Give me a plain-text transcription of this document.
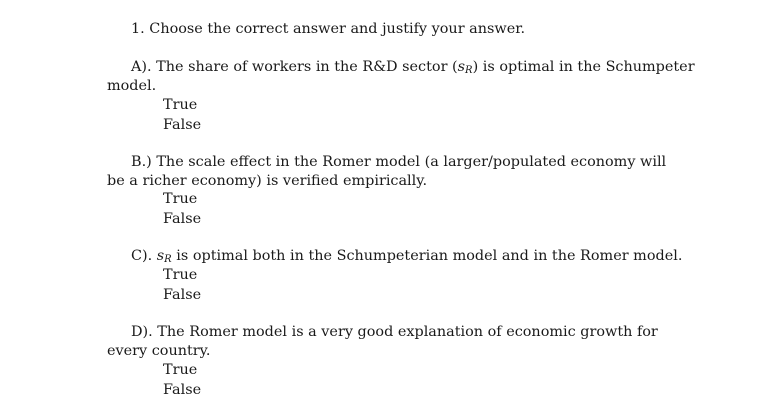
1. Choose the correct answer and justify your answer.
A). The share of workers in the R&D sector $(s_R)$ is optimal in the Schumpeter
model.
True
False
B.) The scale effect in the Romer model (a larger/populated economy will
be a richer economy) is verified empirically.
True
False
C). sR is optimal both in the Schumpeterian model and in the Romer model.
True
False
D). The Romer model is a very good explanation of economic growth for
every country.
True
False
